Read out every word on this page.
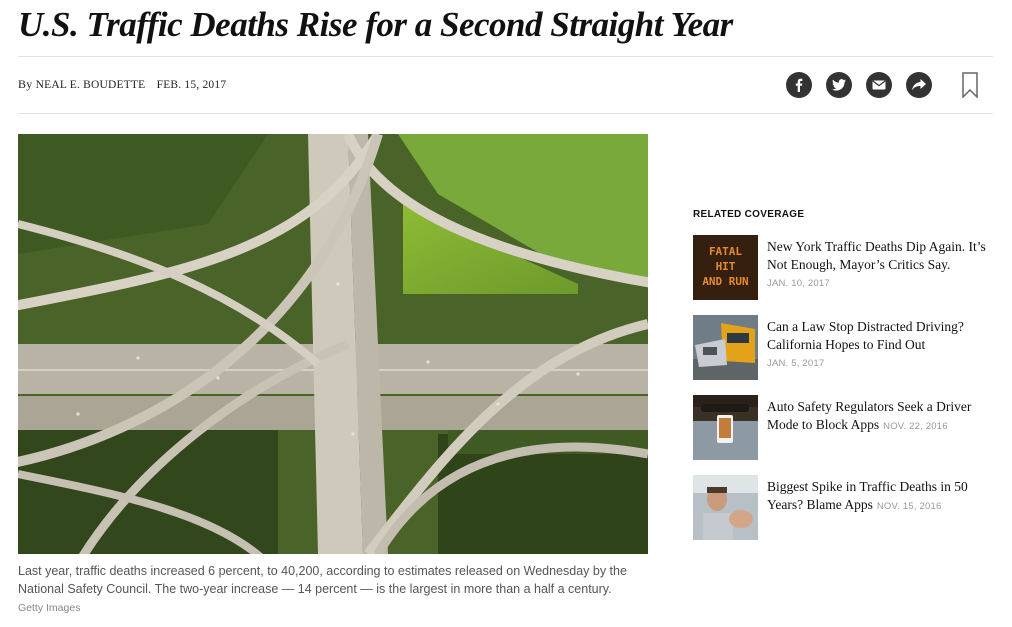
U.S. Traffic Deaths Rise for a Second Straight Year
By NEAL E. BOUDETTE FEB. 15, 2017

Last year, traffic deaths increased 6 percent, to 40,200, according to estimates released on Wednesday by the National Safety Council. The two-year increase — 14 percent — is the largest in more than a half a century. Getty Images

RELATED COVERAGE
FATAL
HIT
AND RUN
New York Traffic Deaths Dip Again. It’s Not Enough, Mayor’s Critics Say.
JAN. 10, 2017
Can a Law Stop Distracted Driving? California Hopes to Find Out
JAN. 5, 2017
Auto Safety Regulators Seek a Driver Mode to Block Apps NOV. 22, 2016
Biggest Spike in Traffic Deaths in 50 Years? Blame Apps NOV. 15, 2016
